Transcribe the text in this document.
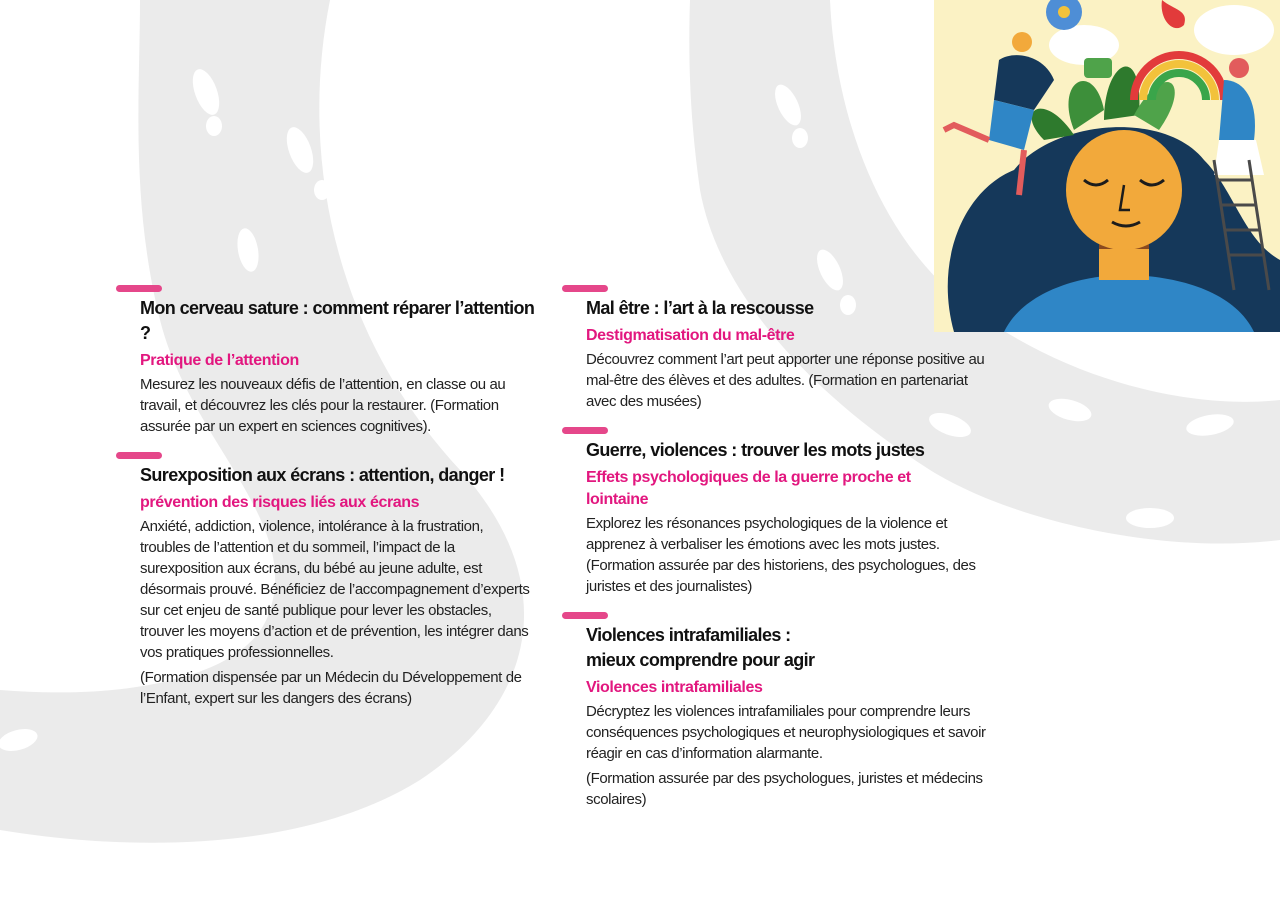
Mon cerveau sature : comment réparer l’attention ?
Pratique de l’attention
Mesurez les nouveaux défis de l’attention, en classe ou au travail, et découvrez les clés pour la restaurer. (Formation assurée par un expert en sciences cognitives).
Surexposition aux écrans : attention, danger !
prévention des risques liés aux écrans
Anxiété, addiction, violence, intolérance à la frustration, troubles de l’attention et du sommeil, l’impact de la surexposition aux écrans, du bébé au jeune adulte, est désormais prouvé. Bénéficiez de l’accompagnement d’experts sur cet enjeu de santé publique pour lever les obstacles, trouver les moyens d’action et de prévention, les intégrer dans vos pratiques professionnelles.
(Formation dispensée par un Médecin du Développement de l’Enfant, expert sur les dangers des écrans)
Mal être : l’art à la rescousse
Destigmatisation du mal-être
Découvrez comment l’art peut apporter une réponse positive au mal-être des élèves et des adultes. (Formation en partenariat avec des musées)
Guerre, violences : trouver les mots justes
Effets psychologiques de la guerre proche et lointaine
Explorez les résonances psychologiques de la violence et apprenez à verbaliser les émotions avec les mots justes. (Formation assurée par des historiens, des psychologues, des juristes et des journalistes)
Violences intrafamiliales : mieux comprendre pour agir
Violences intrafamiliales
Décryptez les violences intrafamiliales pour comprendre leurs conséquences psychologiques et neurophysiologiques et savoir réagir en cas d’information alarmante.
(Formation assurée par des psychologues, juristes et médecins scolaires)
